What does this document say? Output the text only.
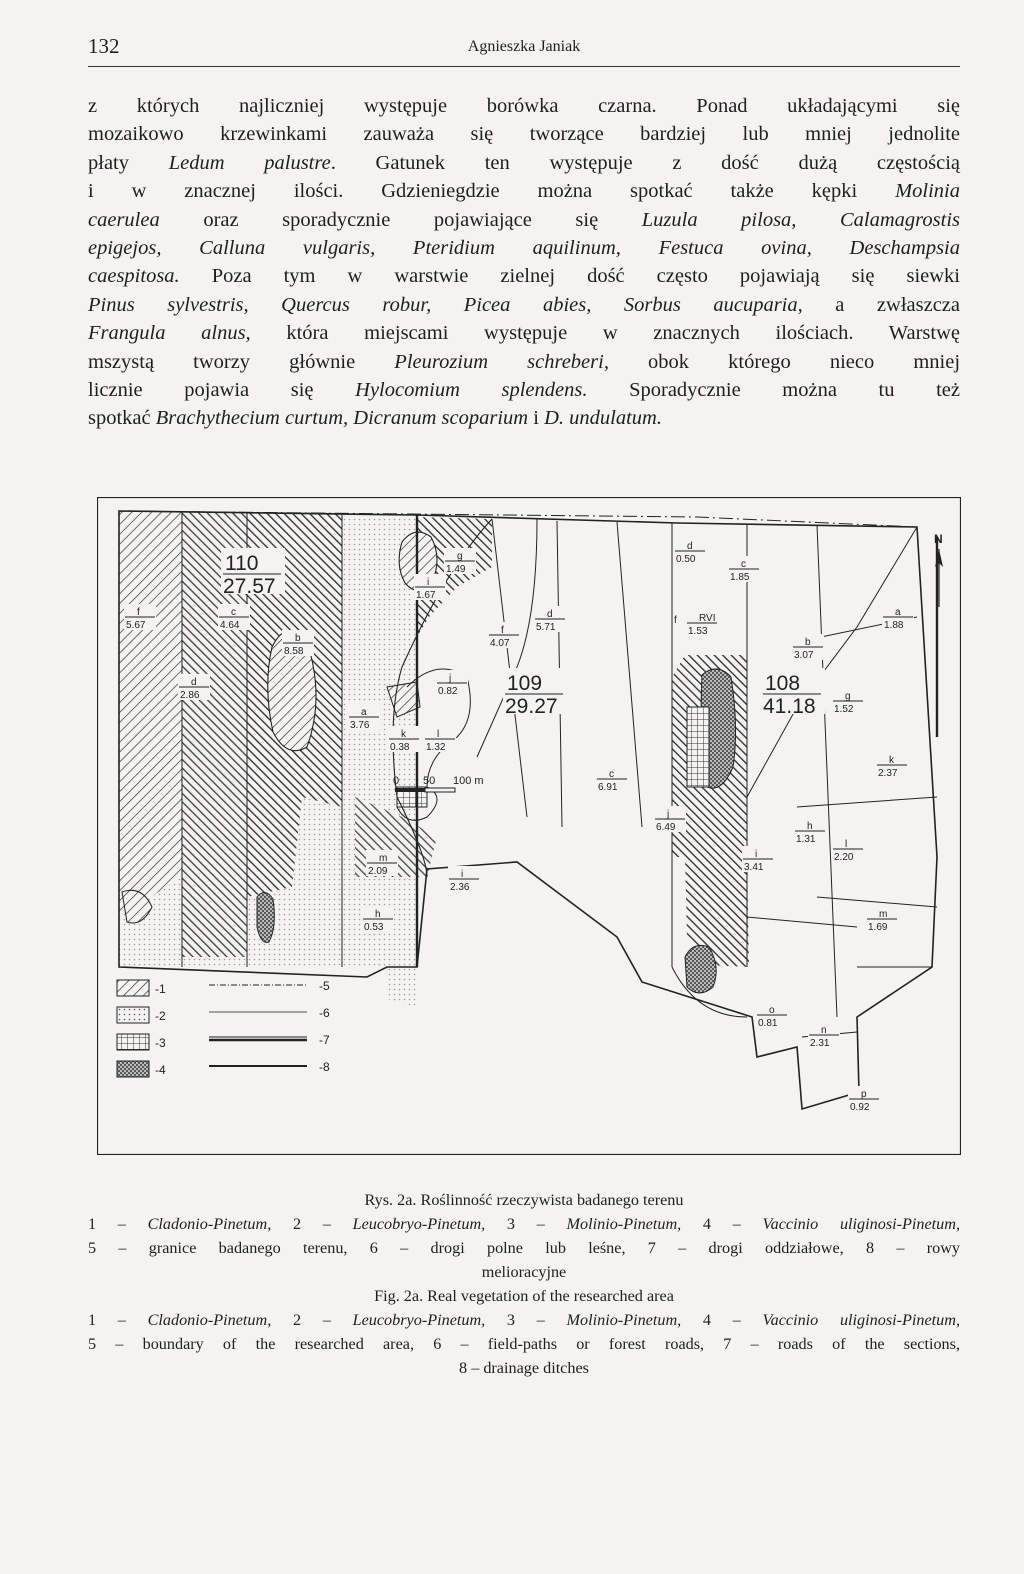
132	Agnieszka Janiak
z których najliczniej występuje borówka czarna. Ponad układającymi się
mozaikowo krzewinkami zauważa się tworzące bardziej lub mniej jednolite
płaty Ledum palustre. Gatunek ten występuje z dość dużą częstością
i w znacznej ilości. Gdzieniegdzie można spotkać także kępki Molinia
caerulea oraz sporadycznie pojawiające się Luzula pilosa, Calamagrostis
epigejos, Calluna vulgaris, Pteridium aquilinum, Festuca ovina, Deschampsia
caespitosa. Poza tym w warstwie zielnej dość często pojawiają się siewki
Pinus sylvestris, Quercus robur, Picea abies, Sorbus aucuparia, a zwłaszcza
Frangula alnus, która miejscami występuje w znacznych ilościach. Warstwę
mszystą tworzy głównie Pleurozium schreberi, obok którego nieco mniej
licznie pojawia się Hylocomium splendens. Sporadycznie można tu też
spotkać Brachythecium curtum, Dicranum scoparium i D. undulatum.
110
27.57
109
29.27
108
41.18
f
5.67
d
2.86
c
4.64
b
8.58
a
3.76
g
1.49
i
1.67
j
0.82
k
0.38
l
1.32
m
2.09	i
2.36
h
0.53
f
4.07
d
5.71
c
6.91
d
0.50	c
1.85
RVI
1.53
b
3.07
a
1.88
g
1.52
k
2.37
j
6.49	h
1.31
i
3.41
l
2.20
m
1.69
o
0.81
n
2.31
p
0.92
f
N
0 50 100 m
-1
-2
-3
-4
-5
-6
-7
-8
Rys. 2a. Roślinność rzeczywista badanego terenu
1 – Cladonio-Pinetum, 2 – Leucobryo-Pinetum, 3 – Molinio-Pinetum, 4 – Vaccinio uliginosi-Pinetum,
5 – granice badanego terenu, 6 – drogi polne lub leśne, 7 – drogi oddziałowe, 8 – rowy
melioracyjne
Fig. 2a. Real vegetation of the researched area
1 – Cladonio-Pinetum, 2 – Leucobryo-Pinetum, 3 – Molinio-Pinetum, 4 – Vaccinio uliginosi-Pinetum,
5 – boundary of the researched area, 6 – field-paths or forest roads, 7 – roads of the sections,
8 – drainage ditches
